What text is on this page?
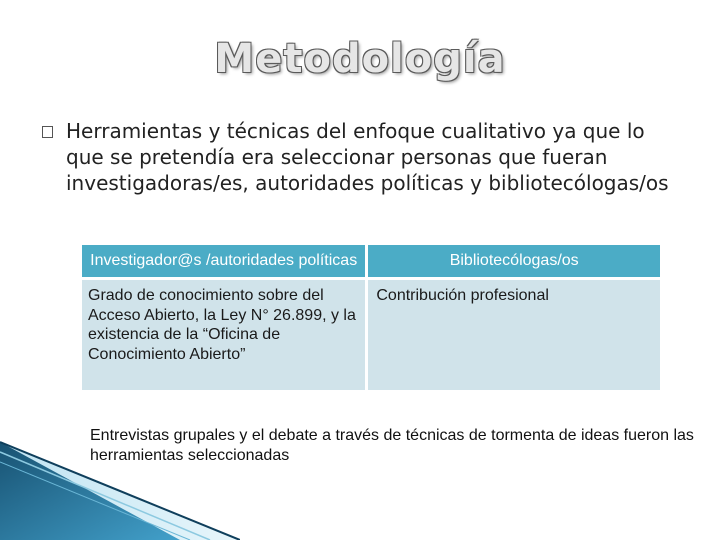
Metodología
Herramientas y técnicas del enfoque cualitativo ya que lo que se pretendía era seleccionar personas que fueran investigadoras/es, autoridades políticas y bibliotecólogas/os
Investigador@s /autoridades políticas	Bibliotecólogas/os
Grado de conocimiento sobre del Acceso Abierto, la Ley N° 26.899, y la existencia de la “Oficina de Conocimiento Abierto”	Contribución profesional
Entrevistas grupales y el debate a través de técnicas de tormenta de ideas fueron las herramientas seleccionadas
